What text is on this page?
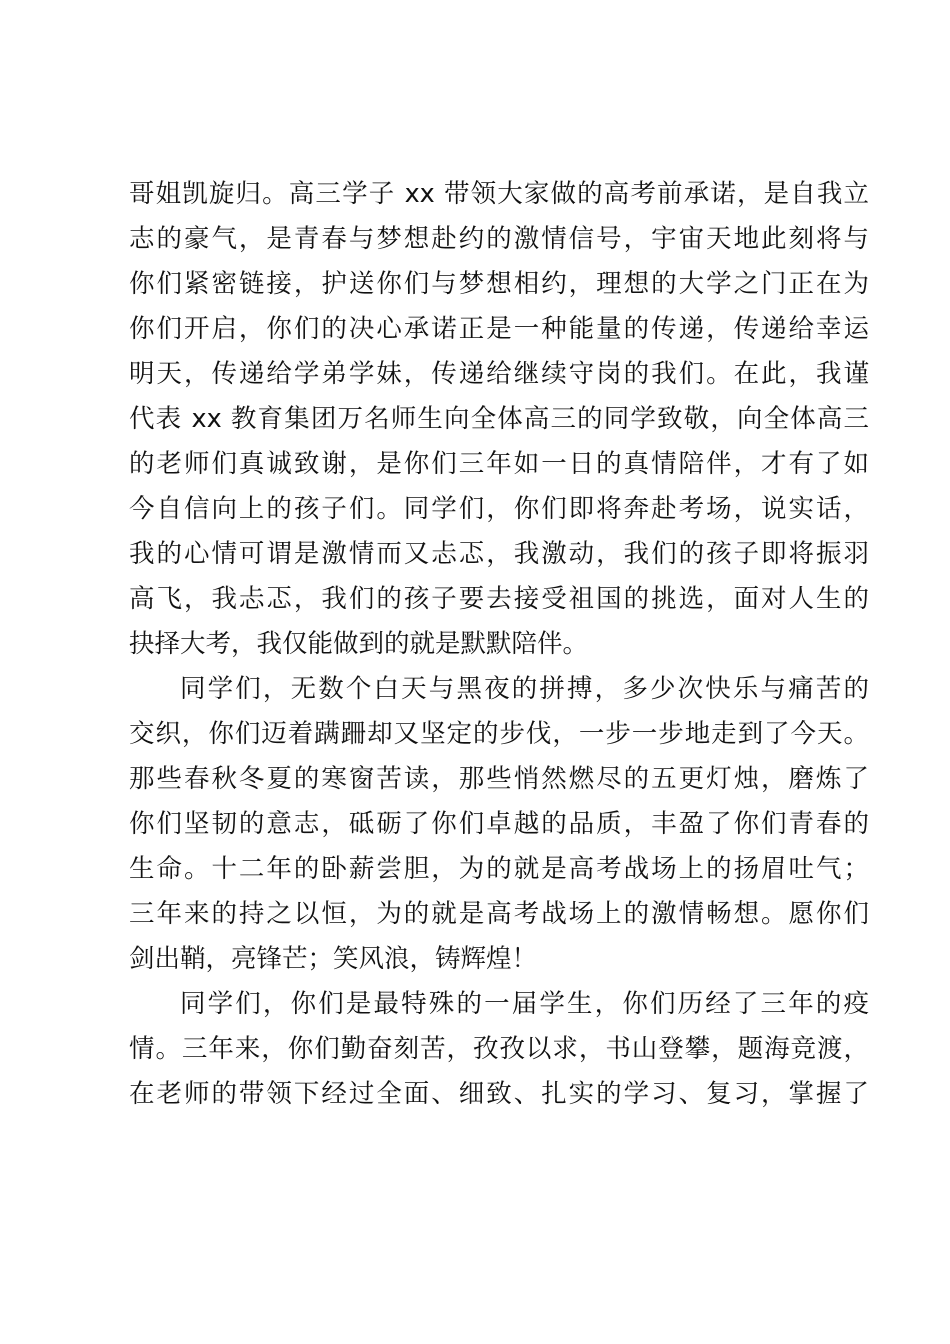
哥姐凯旋归。高三学子 xx 带领大家做的高考前承诺，是自我立
志的豪气，是青春与梦想赴约的激情信号，宇宙天地此刻将与
你们紧密链接，护送你们与梦想相约，理想的大学之门正在为
你们开启，你们的决心承诺正是一种能量的传递，传递给幸运
明天，传递给学弟学妹，传递给继续守岗的我们。在此，我谨
代表 xx 教育集团万名师生向全体高三的同学致敬，向全体高三
的老师们真诚致谢，是你们三年如一日的真情陪伴，才有了如
今自信向上的孩子们。同学们，你们即将奔赴考场，说实话，
我的心情可谓是激情而又忐忑，我激动，我们的孩子即将振羽
高飞，我忐忑，我们的孩子要去接受祖国的挑选，面对人生的
抉择大考，我仅能做到的就是默默陪伴。
同学们，无数个白天与黑夜的拼搏，多少次快乐与痛苦的
交织，你们迈着蹒跚却又坚定的步伐，一步一步地走到了今天。
那些春秋冬夏的寒窗苦读，那些悄然燃尽的五更灯烛，磨炼了
你们坚韧的意志，砥砺了你们卓越的品质，丰盈了你们青春的
生命。十二年的卧薪尝胆，为的就是高考战场上的扬眉吐气；
三年来的持之以恒，为的就是高考战场上的激情畅想。愿你们
剑出鞘，亮锋芒；笑风浪，铸辉煌！
同学们，你们是最特殊的一届学生，你们历经了三年的疫
情。三年来，你们勤奋刻苦，孜孜以求，书山登攀，题海竞渡，
在老师的带领下经过全面、细致、扎实的学习、复习，掌握了
